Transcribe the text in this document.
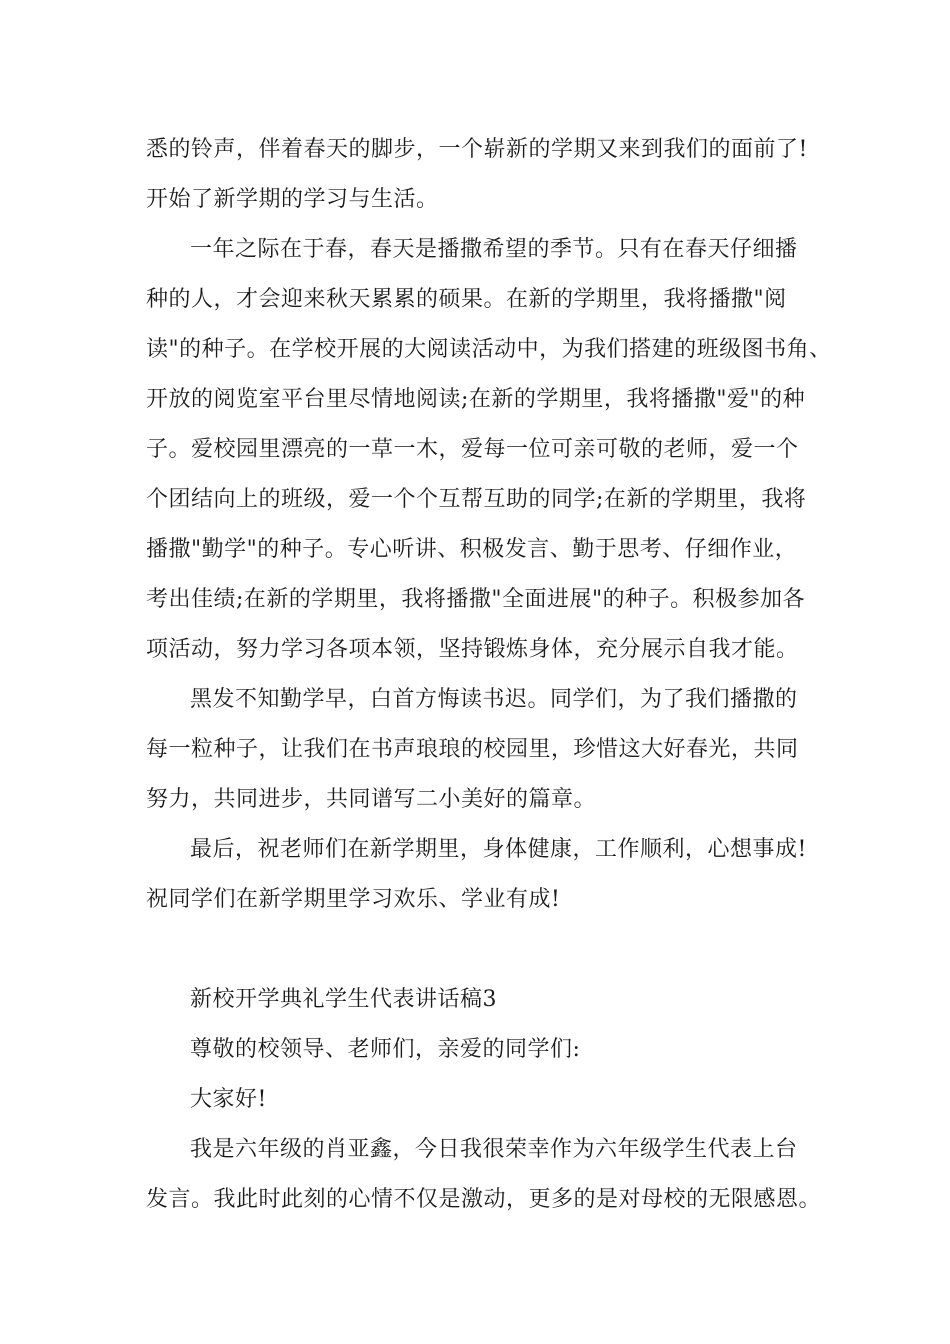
悉的铃声，伴着春天的脚步，一个崭新的学期又来到我们的面前了!
开始了新学期的学习与生活。
一年之际在于春，春天是播撒希望的季节。只有在春天仔细播
种的人，才会迎来秋天累累的硕果。在新的学期里，我将播撒"阅
读"的种子。在学校开展的大阅读活动中，为我们搭建的班级图书角、
开放的阅览室平台里尽情地阅读;在新的学期里，我将播撒"爱"的种
子。爱校园里漂亮的一草一木，爱每一位可亲可敬的老师，爱一个
个团结向上的班级，爱一个个互帮互助的同学;在新的学期里，我将
播撒"勤学"的种子。专心听讲、积极发言、勤于思考、仔细作业，
考出佳绩;在新的学期里，我将播撒"全面进展"的种子。积极参加各
项活动，努力学习各项本领，坚持锻炼身体，充分展示自我才能。
黑发不知勤学早，白首方悔读书迟。同学们，为了我们播撒的
每一粒种子，让我们在书声琅琅的校园里，珍惜这大好春光，共同
努力，共同进步，共同谱写二小美好的篇章。
最后，祝老师们在新学期里，身体健康，工作顺利，心想事成!
祝同学们在新学期里学习欢乐、学业有成!
新校开学典礼学生代表讲话稿3
尊敬的校领导、老师们，亲爱的同学们:
大家好!
我是六年级的肖亚鑫，今日我很荣幸作为六年级学生代表上台
发言。我此时此刻的心情不仅是激动，更多的是对母校的无限感恩。
